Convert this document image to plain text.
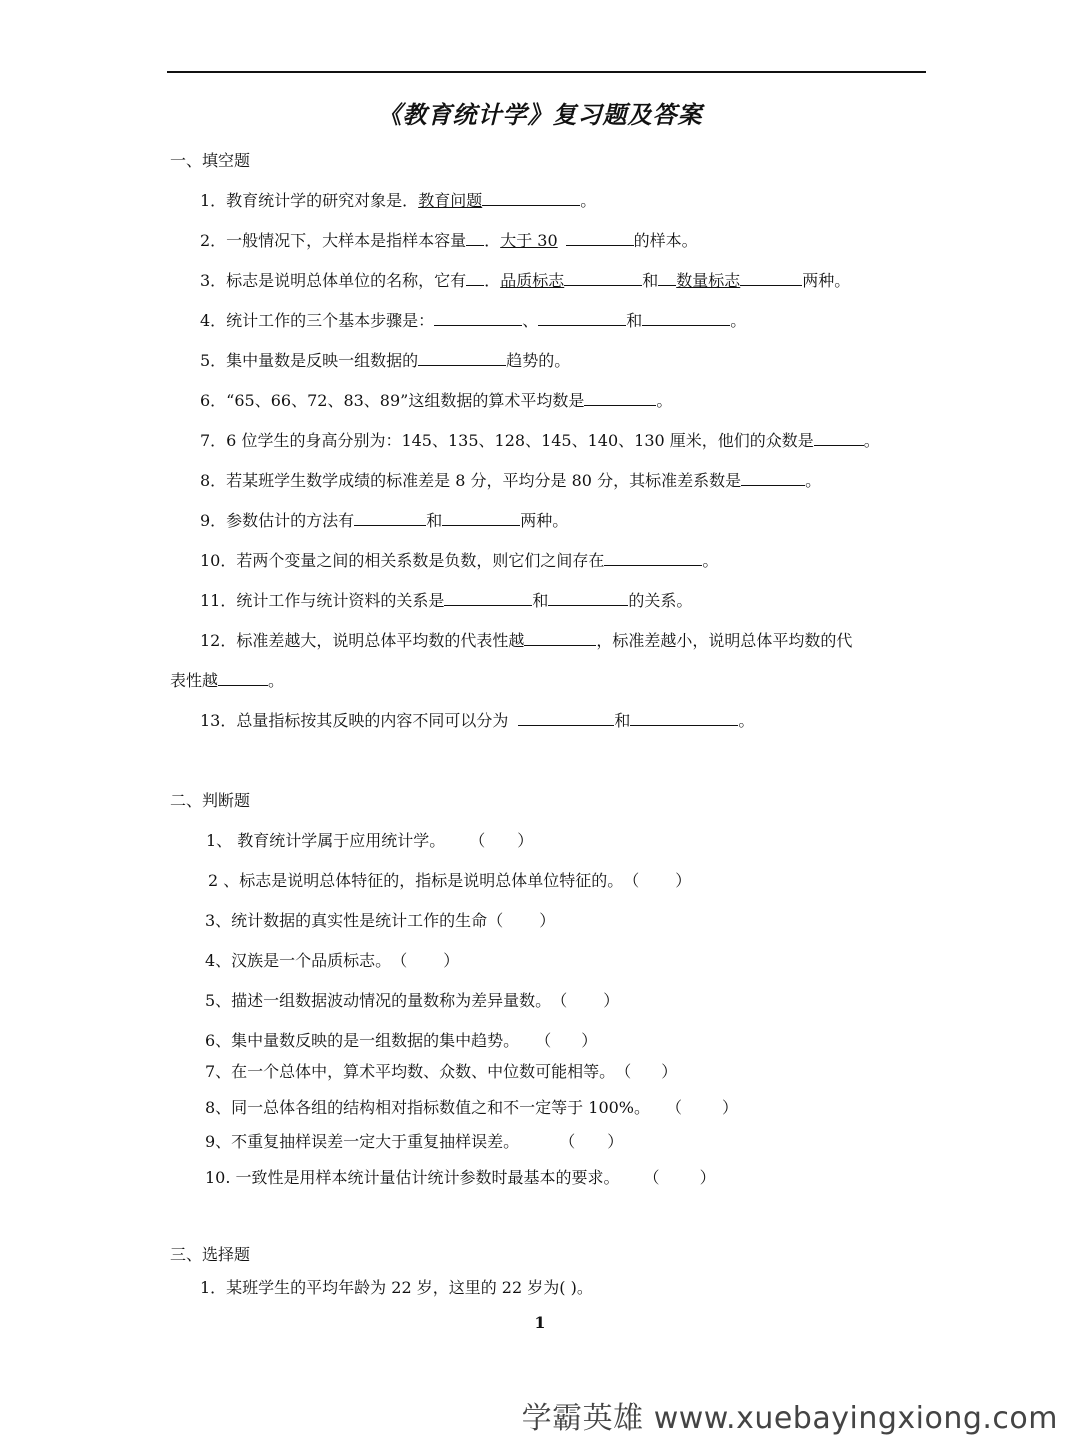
《教育统计学》复习题及答案
一、填空题
1．教育统计学的研究对象是．教育问题	。
2．一般情况下，大样本是指样本容量 ．大于 30	的样本。
3．标志是说明总体单位的名称，它有 ．品质标志	和 数量标志	两种。
4．统计工作的三个基本步骤是：	、	和	。
5．集中量数是反映一组数据的	趋势的。
6．“65、66、72、83、89”这组数据的算术平均数是	。
7．6 位学生的身高分别为：145、135、128、145、140、130 厘米，他们的众数是	。
8．若某班学生数学成绩的标准差是 8 分，平均分是 80 分，其标准差系数是	。
9．参数估计的方法有	和	两种。
10．若两个变量之间的相关系数是负数，则它们之间存在	。
11．统计工作与统计资料的关系是	和	的关系。
12．标准差越大，说明总体平均数的代表性越	，标准差越小，说明总体平均数的代
表性越	。
13．总量指标按其反映的内容不同可以分为	和	。
二、判断题
1、 教育统计学属于应用统计学。 （ ）
2 、标志是说明总体特征的，指标是说明总体单位特征的。（ ）
3、统计数据的真实性是统计工作的生命（ ）
4、汉族是一个品质标志。（ ）
5、描述一组数据波动情况的量数称为差异量数。（ ）
6、集中量数反映的是一组数据的集中趋势。 （ ）
7、在一个总体中，算术平均数、众数、中位数可能相等。（ ）
8、同一总体各组的结构相对指标数值之和不一定等于 100%。 （	）
9、不重复抽样误差一定大于重复抽样误差。	（ ）
10. 一致性是用样本统计量估计统计参数时最基本的要求。 （	）
三、选择题
1．某班学生的平均年龄为 22 岁，这里的 22 岁为( )。
1
学霸英雄 www.xuebayingxiong.com
